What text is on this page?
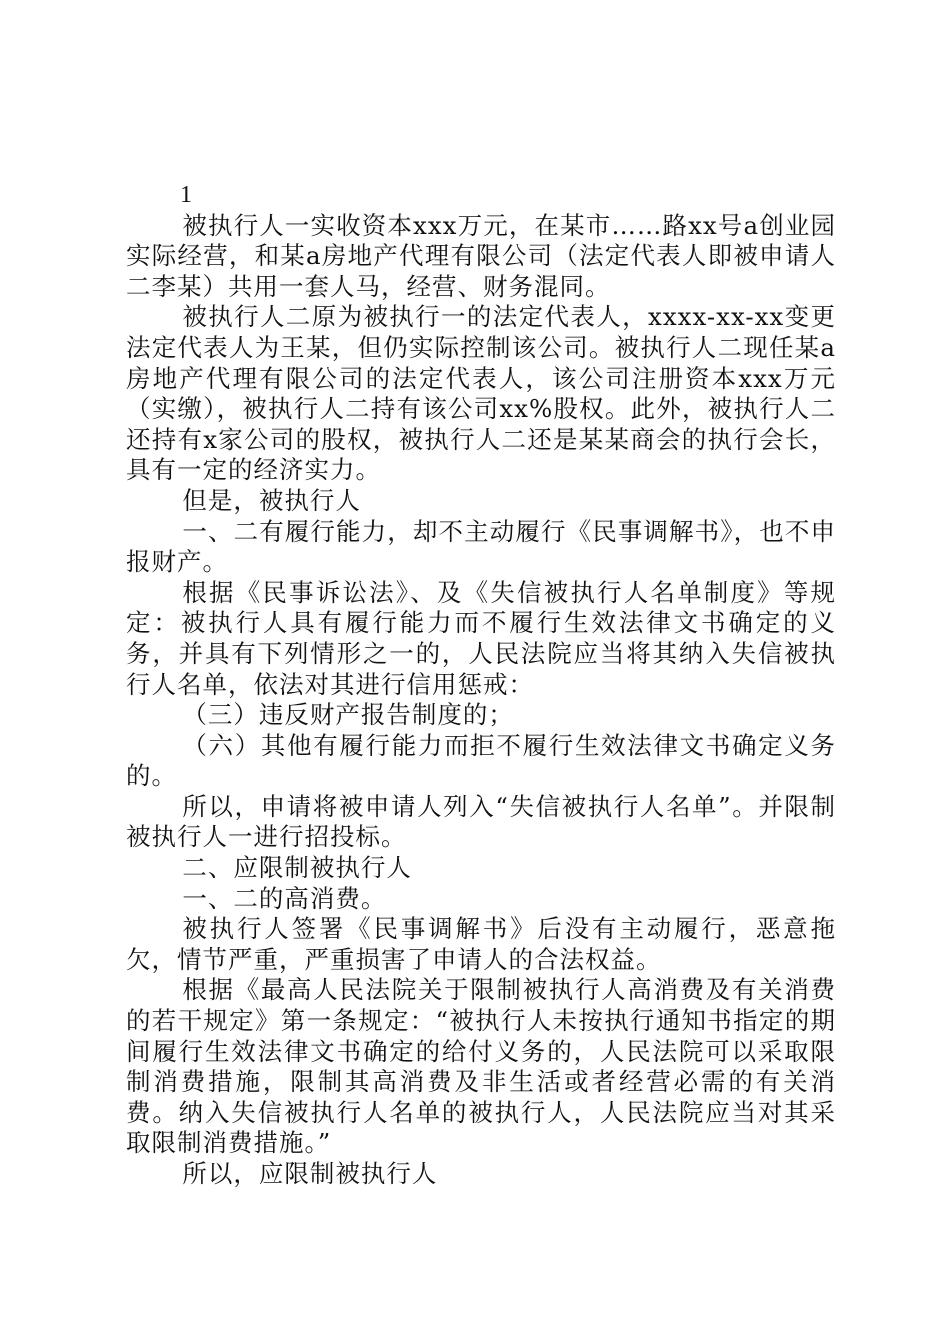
1

被执行人一实收资本xxx万元，在某市……路xx号a创业园实际经营，和某a房地产代理有限公司（法定代表人即被申请人二李某）共用一套人马，经营、财务混同。

被执行人二原为被执行一的法定代表人，xxxx-xx-xx变更法定代表人为王某，但仍实际控制该公司。被执行人二现任某a房地产代理有限公司的法定代表人，该公司注册资本xxx万元（实缴），被执行人二持有该公司xx%股权。此外，被执行人二还持有x家公司的股权，被执行人二还是某某商会的执行会长，具有一定的经济实力。

但是，被执行人

一、二有履行能力，却不主动履行《民事调解书》，也不申报财产。

根据《民事诉讼法》、及《失信被执行人名单制度》等规定：被执行人具有履行能力而不履行生效法律文书确定的义务，并具有下列情形之一的，人民法院应当将其纳入失信被执行人名单，依法对其进行信用惩戒：

（三）违反财产报告制度的；

（六）其他有履行能力而拒不履行生效法律文书确定义务的。

所以，申请将被申请人列入“失信被执行人名单”。并限制被执行人一进行招投标。

二、应限制被执行人

一、二的高消费。

被执行人签署《民事调解书》后没有主动履行，恶意拖欠，情节严重，严重损害了申请人的合法权益。

根据《最高人民法院关于限制被执行人高消费及有关消费的若干规定》第一条规定：“被执行人未按执行通知书指定的期间履行生效法律文书确定的给付义务的，人民法院可以采取限制消费措施，限制其高消费及非生活或者经营必需的有关消费。纳入失信被执行人名单的被执行人，人民法院应当对其采取限制消费措施。”

所以，应限制被执行人
